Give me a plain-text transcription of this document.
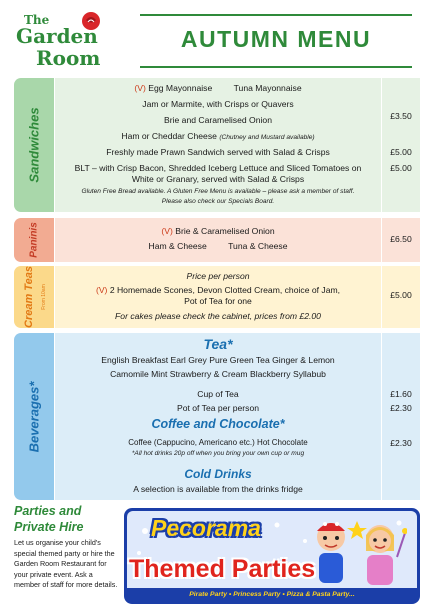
The
Garden
Room
AUTUMN MENU
Sandwiches
(V) Egg Mayonnaise Tuna Mayonnaise
Jam or Marmite, with Crisps or Quavers
Brie and Caramelised Onion
Ham or Cheddar Cheese (Chutney and Mustard available)
Freshly made Prawn Sandwich served with Salad & Crisps
BLT – with Crisp Bacon, Shredded Iceberg Lettuce and Sliced Tomatoes on
White or Granary, served with Salad & Crisps
Gluten Free Bread available. A Gluten Free Menu is available – please ask a member of staff.
Please also check our Specials Board.
£3.50
£5.00
£5.00
Paninis	(V) Brie & Caramelised Onion
Ham & Cheese Tuna & Cheese
£6.50
Cream Teas From 10am
Price per person
(V) 2 Homemade Scones, Devon Clotted Cream, choice of Jam,
Pot of Tea for one
For cakes please check the cabinet, prices from £2.00
£5.00
Beverages*
Tea*
English Breakfast Earl Grey Pure Green Tea Ginger & Lemon
Camomile Mint Strawberry & Cream Blackberry Syllabub
Cup of Tea
Pot of Tea per person
Coffee and Chocolate*
Coffee (Cappucino, Americano etc.) Hot Chocolate
*All hot drinks 20p off when you bring your own cup or mug
Cold Drinks
A selection is available from the drinks fridge
£1.60
£2.30
£2.30
Parties and
Private Hire
Let us organise your child's special themed party or hire the Garden Room Restaurant for your private event. Ask a member of staff for more details.
Pecorama
Themed Parties
Pirate Party • Princess Party • Pizza & Pasta Party...
